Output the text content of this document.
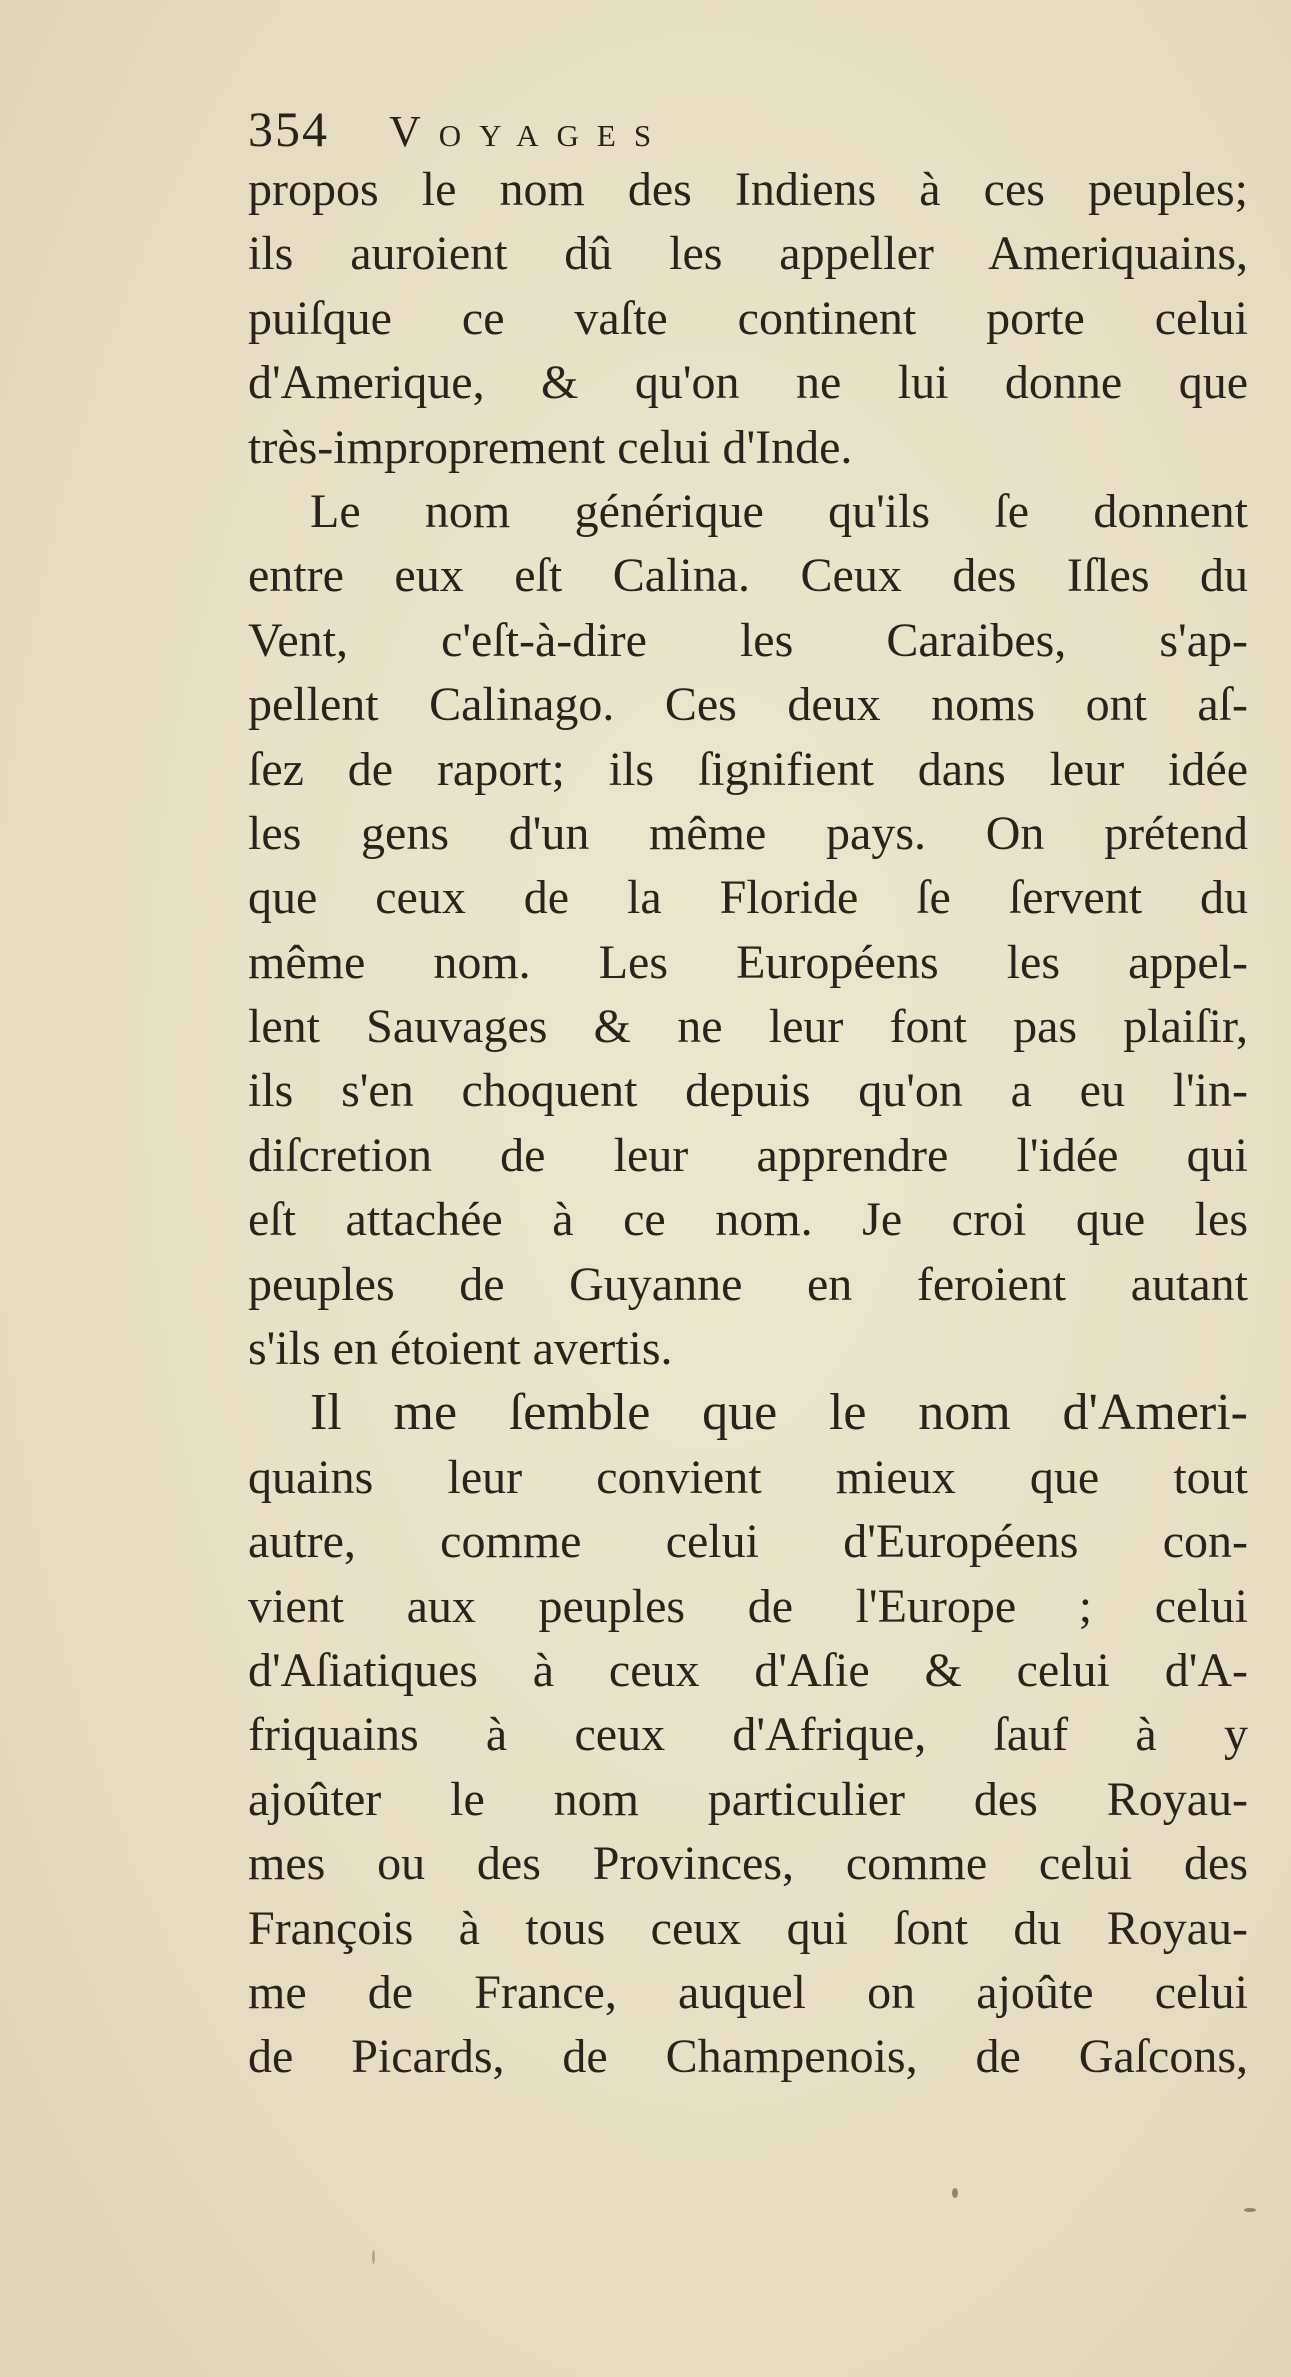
354 Voyages
propos le nom des Indiens à ces peuples;
ils auroient dû les appeller Ameriquains,
puiſque ce vaſte continent porte celui
d'Amerique, & qu'on ne lui donne que
très-improprement celui d'Inde.
Le nom générique qu'ils ſe donnent
entre eux eſt Calina. Ceux des Iſles du
Vent, c'eſt-à-dire les Caraibes, s'ap-
pellent Calinago. Ces deux noms ont aſ-
ſez de raport; ils ſignifient dans leur idée
les gens d'un même pays. On prétend
que ceux de la Floride ſe ſervent du
même nom. Les Européens les appel-
lent Sauvages & ne leur font pas plaiſir,
ils s'en choquent depuis qu'on a eu l'in-
diſcretion de leur apprendre l'idée qui
eſt attachée à ce nom. Je croi que les
peuples de Guyanne en feroient autant
s'ils en étoient avertis.
Il me ſemble que le nom d'Ameri-
quains leur convient mieux que tout
autre, comme celui d'Européens con-
vient aux peuples de l'Europe ; celui
d'Aſiatiques à ceux d'Aſie & celui d'A-
friquains à ceux d'Afrique, ſauf à y
ajoûter le nom particulier des Royau-
mes ou des Provinces, comme celui des
François à tous ceux qui ſont du Royau-
me de France, auquel on ajoûte celui
de Picards, de Champenois, de Gaſcons,
